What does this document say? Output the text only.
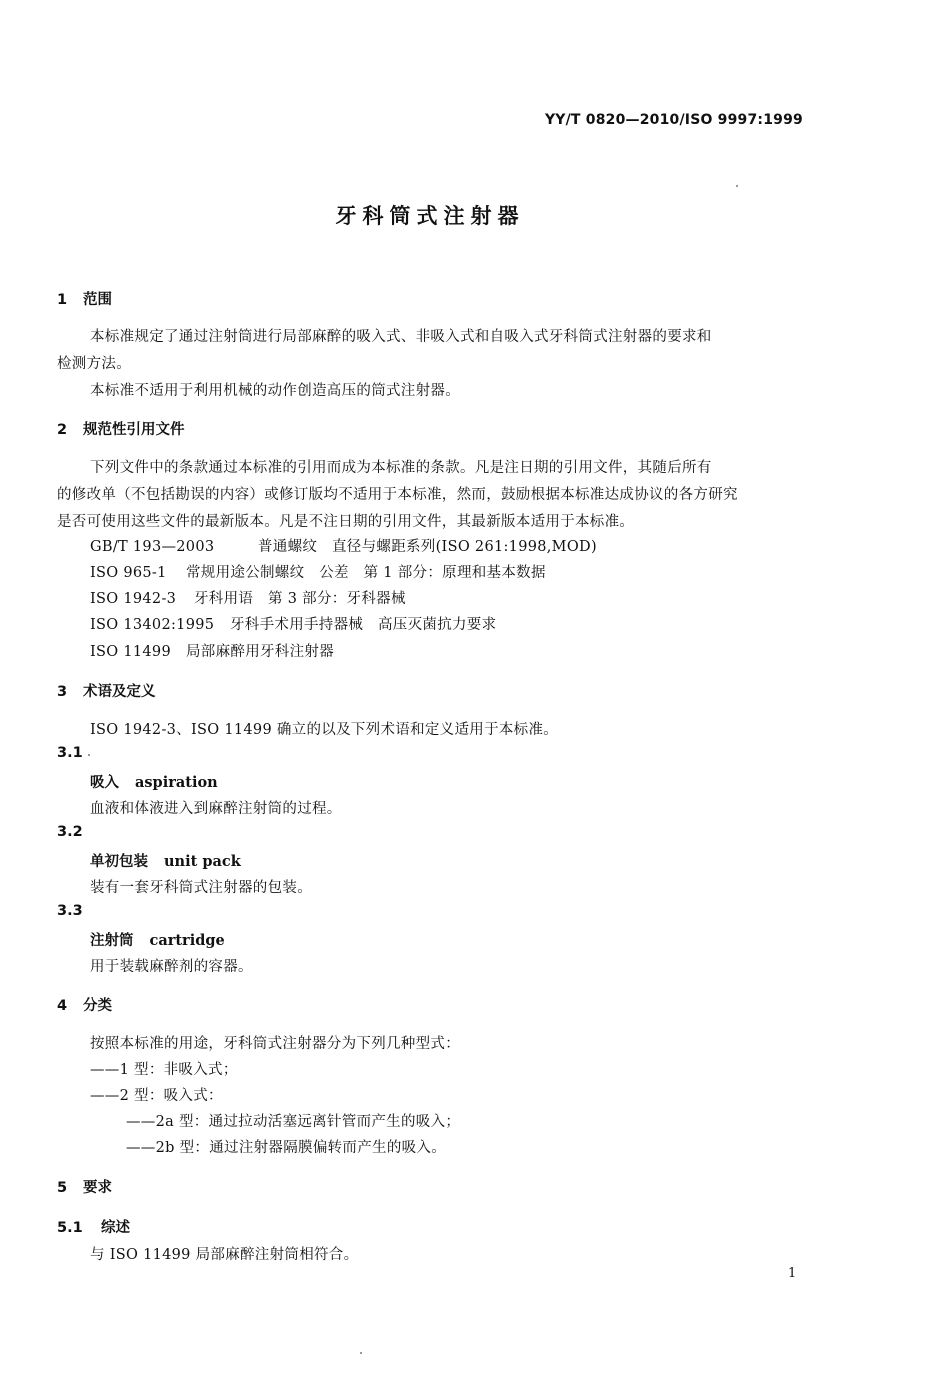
YY/T 0820—2010/ISO 9997:1999
牙科筒式注射器
1 范围
本标准规定了通过注射筒进行局部麻醉的吸入式、非吸入式和自吸入式牙科筒式注射器的要求和
检测方法。
本标准不适用于利用机械的动作创造高压的筒式注射器。
2 规范性引用文件
下列文件中的条款通过本标准的引用而成为本标准的条款。凡是注日期的引用文件，其随后所有
的修改单（不包括勘误的内容）或修订版均不适用于本标准，然而，鼓励根据本标准达成协议的各方研究
是否可使用这些文件的最新版本。凡是不注日期的引用文件，其最新版本适用于本标准。
GB/T 193—2003	普通螺纹　直径与螺距系列(ISO 261:1998,MOD)
ISO 965-1 常规用途公制螺纹　公差　第 1 部分：原理和基本数据
ISO 1942-3 牙科用语　第 3 部分：牙科器械
ISO 13402:1995 牙科手术用手持器械　高压灭菌抗力要求
ISO 11499 局部麻醉用牙科注射器
3 术语及定义
ISO 1942-3、ISO 11499 确立的以及下列术语和定义适用于本标准。
3.1
吸入 aspiration
血液和体液进入到麻醉注射筒的过程。
3.2
单初包装 unit pack
装有一套牙科筒式注射器的包装。
3.3
注射筒 cartridge
用于装载麻醉剂的容器。
4 分类
按照本标准的用途，牙科筒式注射器分为下列几种型式：
——1 型：非吸入式；
——2 型：吸入式：
——2a 型：通过拉动活塞远离针管而产生的吸入；
——2b 型：通过注射器隔膜偏转而产生的吸入。
5 要求
5.1 综述
与 ISO 11499 局部麻醉注射筒相符合。
1
